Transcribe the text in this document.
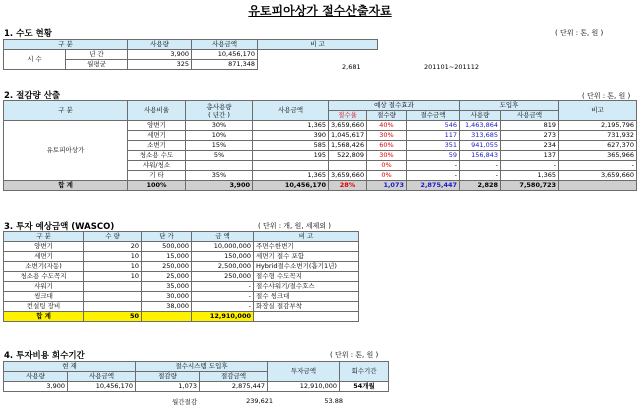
유토피아상가 절수산출자료
1. 수도 현황	( 단위 : 톤, 원 )
구 분		사용량	사용금액	비 고
시 수	년 간	3,900	10,456,170	
	월평균	325	871,348		2,681	201101~201112
2. 절감량 산출	( 단위 : 톤, 원 )
구 분	사용비율	총사용량
( 년간 )	사용금액	예상 절수효과			도입후		비고	
				절수율	절수량	절수금액	사용량	사용금액		
유토피아상가	양변기	30%	1,365	3,659,660	40%	546	1,463,864	819	2,195,796	
	세면기	10%	390	1,045,617	30%	117	313,685	273	731,932	
	소변기	15%	585	1,568,426	60%	351	941,055	234	627,370	
	청소용 수도	5%	195	522,809	30%	59	156,843	137	365,966	
	샤워/청소				0%	-	-	-	-	
	기 타	35%	1,365	3,659,660	0%	-	-	1,365	3,659,660	
합 계	100%	3,900	10,456,170	28%	1,073	2,875,447	2,828	7,580,723		
3. 투자 예상금액 (WASCO)	( 단위 : 개, 원, 세제외 )
구 분	수 량	단 가	금 액	비 고
양변기	20	500,000	10,000,000	주면수한변기
세면기	10	15,000	150,000	세면기 절수 포함
소변기(자동)	10	250,000	2,500,000	Hybrid절수소변기(흡기1년)
청소용 수도꼭지	10	25,000	250,000	절수형 수도꼭지
샤워기		35,000	-	절수샤워기/절수호스
씽크대		30,000	-	절수 씽크대
컨설팅 장비		38,000	-	화장실 절감부착
합 계	50		12,910,000	
4. 투자비용 회수기간	( 단위 : 톤, 원 )
현 재		절수시스템 도입후		투자금액	회수기간
사용량	사용금액	절감량	절감금액		
3,900	10,456,170	1,073	2,875,447	12,910,000	54개월
월간절감	239,621	53.88
